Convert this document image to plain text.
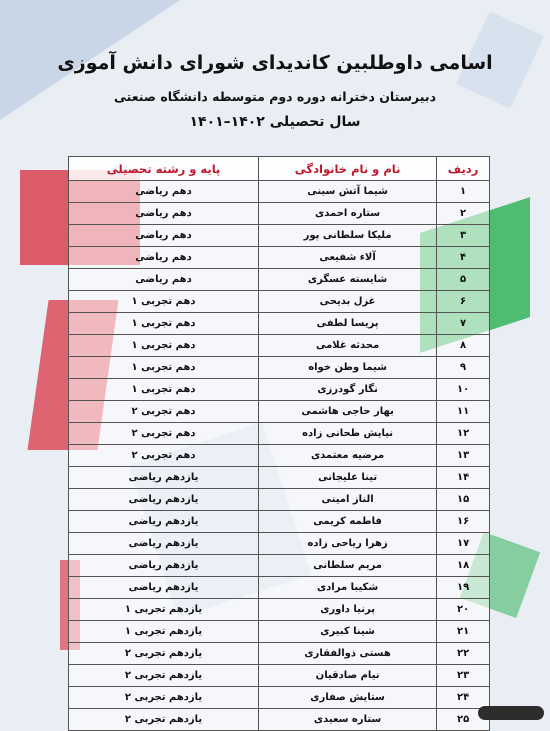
اسامی داوطلبین کاندیدای شورای دانش آموزی
دبیرستان دخترانه دوره دوم متوسطه دانشگاه صنعتی
سال تحصیلی ۱۴۰۲–۱۴۰۱
ردیف	نام و نام خانوادگی	پایه و رشته تحصیلی
۱	شیما آتش سینی	دهم ریاضی
۲	ستاره احمدی	دهم ریاضی
۳	ملیکا سلطانی پور	دهم ریاضی
۴	آلاء شفیعی	دهم ریاضی
۵	شایسته عسگری	دهم ریاضی
۶	غزل بدیحی	دهم تجربی ۱
۷	پریسا لطفی	دهم تجربی ۱
۸	محدثه غلامی	دهم تجربی ۱
۹	شیما وطن خواه	دهم تجربی ۱
۱۰	نگار گودرزی	دهم تجربی ۱
۱۱	بهار حاجی هاشمی	دهم تجربی ۲
۱۲	نیایش طحانی زاده	دهم تجربی ۲
۱۳	مرضیه معتمدی	دهم تجربی ۲
۱۴	تینا علیجانی	یازدهم ریاضی
۱۵	الناز امینی	یازدهم ریاضی
۱۶	فاطمه کریمی	یازدهم ریاضی
۱۷	زهرا ریاحی زاده	یازدهم ریاضی
۱۸	مریم سلطانی	یازدهم ریاضی
۱۹	شکیبا مرادی	یازدهم ریاضی
۲۰	پرنیا داوری	یازدهم تجربی ۱
۲۱	شینا کبیری	یازدهم تجربی ۱
۲۲	هستی ذوالفقاری	یازدهم تجربی ۲
۲۳	نیام صادقیان	یازدهم تجربی ۲
۲۴	ستایش صفاری	یازدهم تجربی ۲
۲۵	ستاره سعیدی	یازدهم تجربی ۲
